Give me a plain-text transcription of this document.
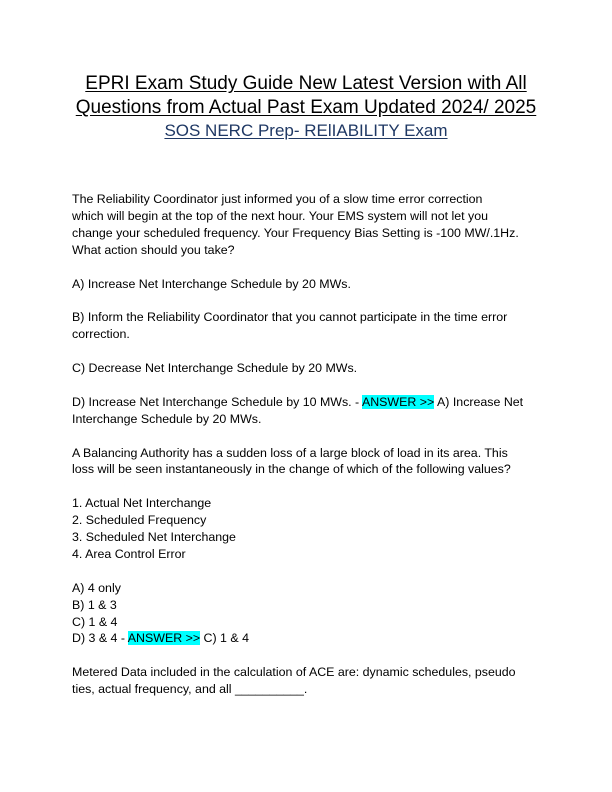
EPRI Exam Study Guide New Latest Version with All
Questions from Actual Past Exam Updated 2024/ 2025
SOS NERC Prep- RElIABILITY Exam
The Reliability Coordinator just informed you of a slow time error correction
which will begin at the top of the next hour. Your EMS system will not let you
change your scheduled frequency. Your Frequency Bias Setting is -100 MW/.1Hz.
What action should you take?
A) Increase Net Interchange Schedule by 20 MWs.
B) Inform the Reliability Coordinator that you cannot participate in the time error
correction.
C) Decrease Net Interchange Schedule by 20 MWs.
D) Increase Net Interchange Schedule by 10 MWs. - ANSWER >> A) Increase Net
Interchange Schedule by 20 MWs.
A Balancing Authority has a sudden loss of a large block of load in its area. This
loss will be seen instantaneously in the change of which of the following values?
1. Actual Net Interchange
2. Scheduled Frequency
3. Scheduled Net Interchange
4. Area Control Error
A) 4 only
B) 1 & 3
C) 1 & 4
D) 3 & 4 - ANSWER >> C) 1 & 4
Metered Data included in the calculation of ACE are: dynamic schedules, pseudo
ties, actual frequency, and all __________.
